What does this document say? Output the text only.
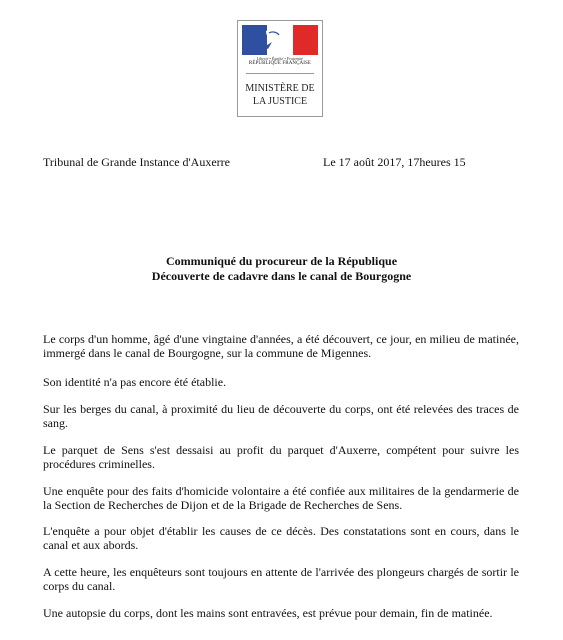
Liberté • Égalité • Fraternité
RÉPUBLIQUE FRANÇAISE
MINISTÈRE DE
LA JUSTICE
Tribunal de Grande Instance d'Auxerre	Le 17 août 2017, 17heures 15
Communiqué du procureur de la République
Découverte de cadavre dans le canal de Bourgogne

Le corps d'un homme, âgé d'une vingtaine d'années, a été découvert, ce jour, en milieu de matinée, immergé dans le canal de Bourgogne, sur la commune de Migennes.

Son identité n'a pas encore été établie.

Sur les berges du canal, à proximité du lieu de découverte du corps, ont été relevées des traces de sang.

Le parquet de Sens s'est dessaisi au profit du parquet d'Auxerre, compétent pour suivre les procédures criminelles.

Une enquête pour des faits d'homicide volontaire a été confiée aux militaires de la gendarmerie de la Section de Recherches de Dijon et de la Brigade de Recherches de Sens.

L'enquête a pour objet d'établir les causes de ce décès. Des constatations sont en cours, dans le canal et aux abords.

A cette heure, les enquêteurs sont toujours en attente de l'arrivée des plongeurs chargés de sortir le corps du canal.

Une autopsie du corps, dont les mains sont entravées, est prévue pour demain, fin de matinée.
